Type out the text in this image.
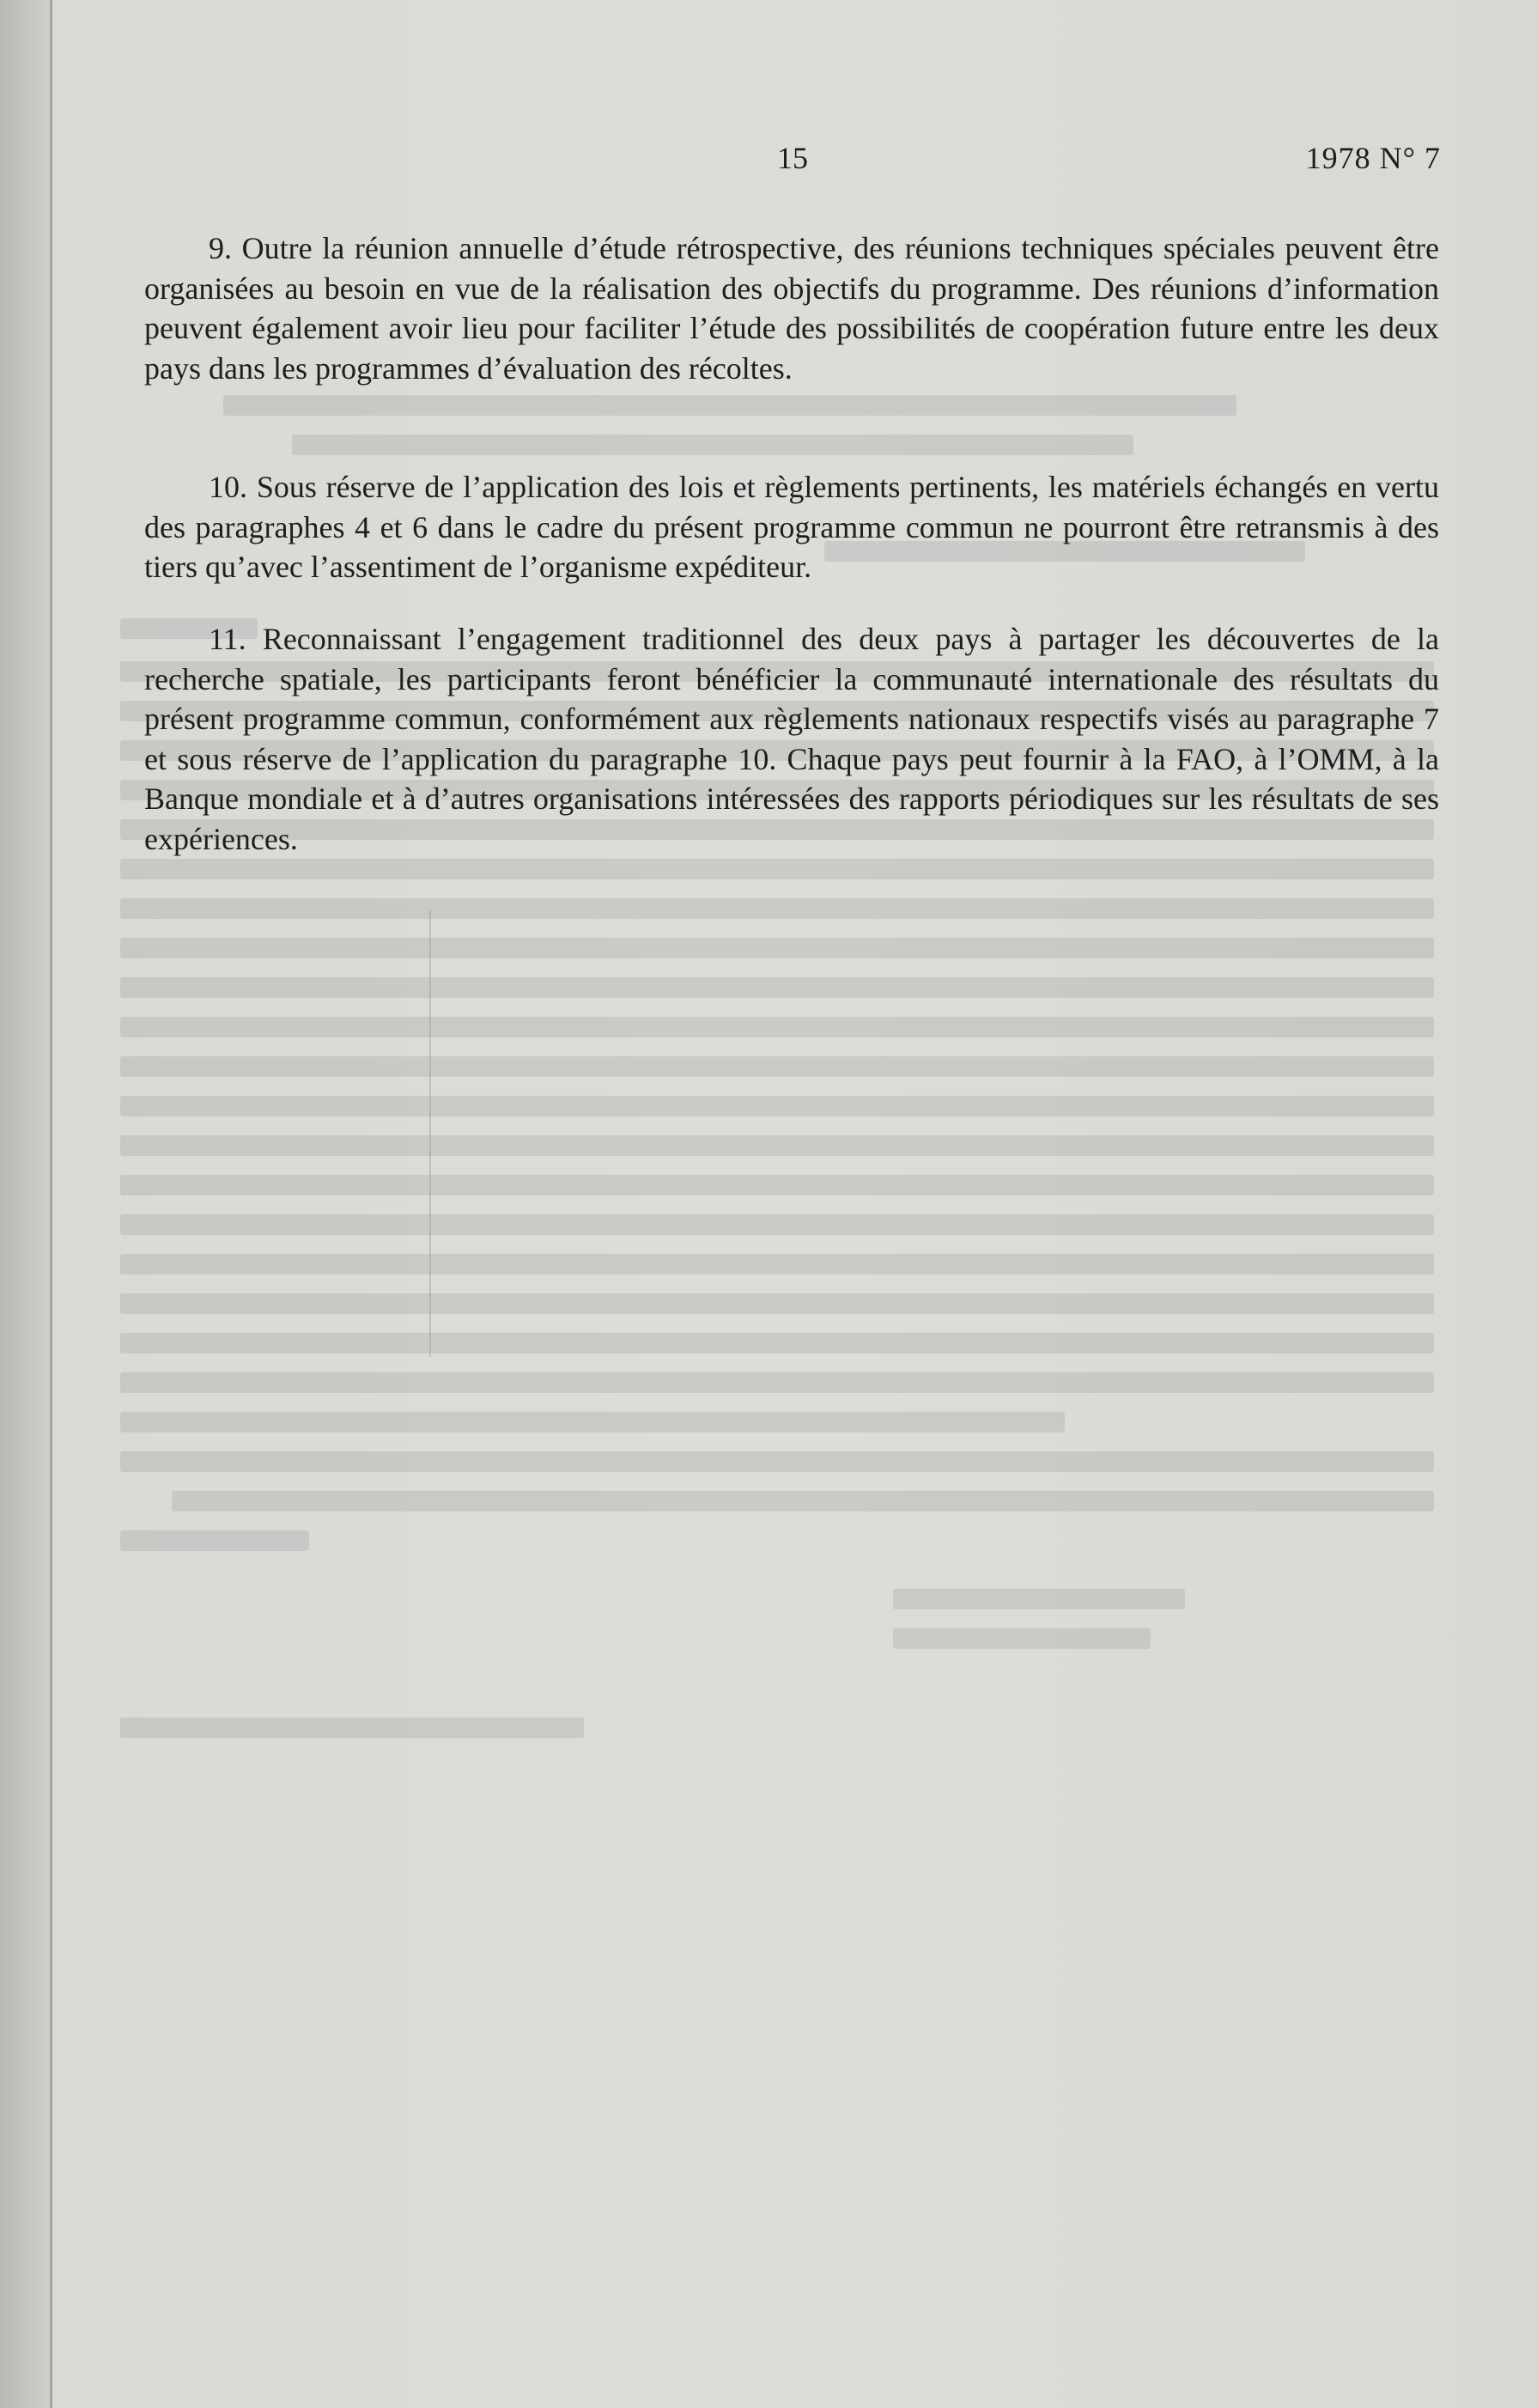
15	1978 N° 7

9. Outre la réunion annuelle d’étude rétrospective, des réunions techniques spéciales peuvent être organisées au besoin en vue de la réalisation des objectifs du programme. Des réunions d’information peuvent également avoir lieu pour faciliter l’étude des possibilités de coopération future entre les deux pays dans les programmes d’évaluation des récoltes.

10. Sous réserve de l’application des lois et règlements pertinents, les matériels échangés en vertu des paragraphes 4 et 6 dans le cadre du présent programme commun ne pourront être retransmis à des tiers qu’avec l’assentiment de l’organisme expéditeur.

11. Reconnaissant l’engagement traditionnel des deux pays à partager les découvertes de la recherche spatiale, les participants feront bénéficier la communauté internationale des résultats du présent programme commun, conformément aux règlements nationaux respectifs visés au paragraphe 7 et sous réserve de l’application du paragraphe 10. Chaque pays peut fournir à la FAO, à l’OMM, à la Banque mondiale et à d’autres organisations intéressées des rapports périodiques sur les résultats de ses expériences.
